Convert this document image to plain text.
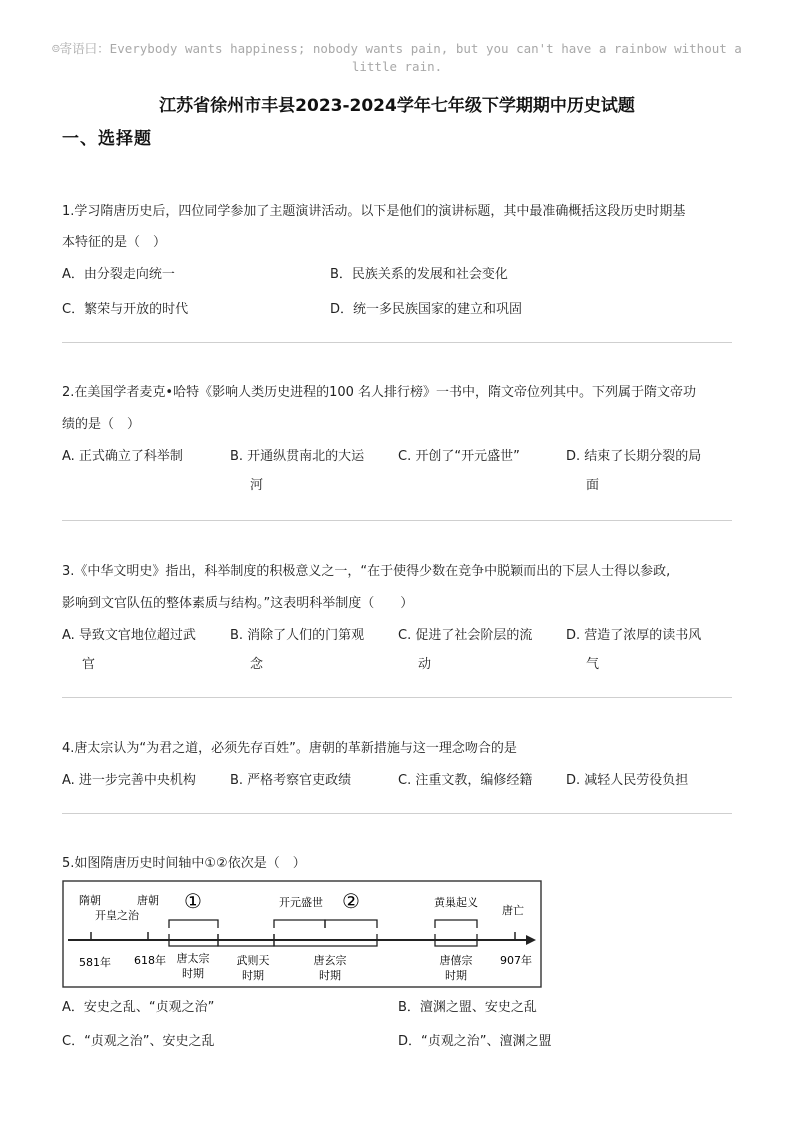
☺寄语曰：Everybody wants happiness; nobody wants pain, but you can't have a rainbow without a
little rain.
江苏省徐州市丰县2023-2024学年七年级下学期期中历史试题
一、选择题
1.学习隋唐历史后，四位同学参加了主题演讲活动。以下是他们的演讲标题，其中最准确概括这段历史时期基
本特征的是（　）
A．由分裂走向统一	B．民族关系的发展和社会变化
C．繁荣与开放的时代	D．统一多民族国家的建立和巩固
2.在美国学者麦克•哈特《影响人类历史进程的100 名人排行榜》一书中，隋文帝位列其中。下列属于隋文帝功
绩的是（　）
A. 正式确立了科举制	B. 开通纵贯南北的大运
河
C. 开创了“开元盛世”	D. 结束了长期分裂的局
面
3.《中华文明史》指出，科举制度的积极意义之一，“在于使得少数在竞争中脱颖而出的下层人士得以参政,
影响到文官队伍的整体素质与结构。”这表明科举制度（　　）
A. 导致文官地位超过武
官
B. 消除了人们的门第观
念
C. 促进了社会阶层的流
动
D. 营造了浓厚的读书风
气
4.唐太宗认为“为君之道，必须先存百姓”。唐朝的革新措施与这一理念吻合的是
A. 进一步完善中央机构	B. 严格考察官吏政绩	C. 注重文教，编修经籍	D. 减轻人民劳役负担
5.如图隋唐历史时间轴中①②依次是（　）
隋朝
开皇之治
唐朝 ①	开元盛世 ②	黄巢起义
唐亡
581年 618年 唐太宗
时期
武则天
时期
唐玄宗
时期
唐僖宗
时期
907年
A．安史之乱、“贞观之治”	B．澶渊之盟、安史之乱
C．“贞观之治”、安史之乱	D．“贞观之治”、澶渊之盟
